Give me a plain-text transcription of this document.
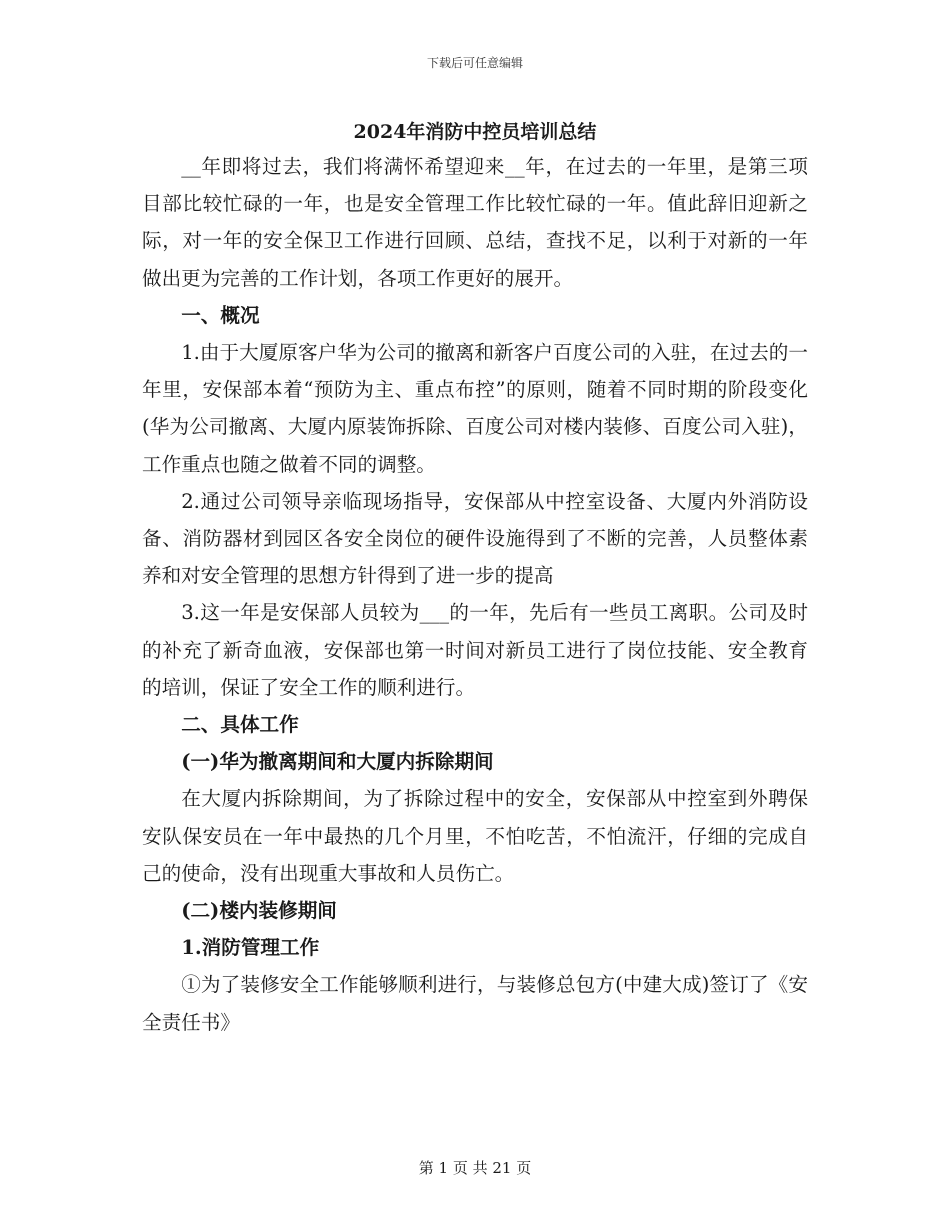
下载后可任意编辑
2024年消防中控员培训总结

__年即将过去，我们将满怀希望迎来__年，在过去的一年里，是第三项目部比较忙碌的一年，也是安全管理工作比较忙碌的一年。值此辞旧迎新之际，对一年的安全保卫工作进行回顾、总结，查找不足，以利于对新的一年做出更为完善的工作计划，各项工作更好的展开。

一、概况

1.由于大厦原客户华为公司的撤离和新客户百度公司的入驻，在过去的一年里，安保部本着“预防为主、重点布控”的原则，随着不同时期的阶段变化(华为公司撤离、大厦内原装饰拆除、百度公司对楼内装修、百度公司入驻)，工作重点也随之做着不同的调整。

2.通过公司领导亲临现场指导，安保部从中控室设备、大厦内外消防设备、消防器材到园区各安全岗位的硬件设施得到了不断的完善，人员整体素养和对安全管理的思想方针得到了进一步的提高

3.这一年是安保部人员较为___的一年，先后有一些员工离职。公司及时的补充了新奇血液，安保部也第一时间对新员工进行了岗位技能、安全教育的培训，保证了安全工作的顺利进行。

二、具体工作

(一)华为撤离期间和大厦内拆除期间

在大厦内拆除期间，为了拆除过程中的安全，安保部从中控室到外聘保安队保安员在一年中最热的几个月里，不怕吃苦，不怕流汗，仔细的完成自己的使命，没有出现重大事故和人员伤亡。

(二)楼内装修期间

1.消防管理工作

①为了装修安全工作能够顺利进行，与装修总包方(中建大成)签订了《安全责任书》

第 1 页 共 21 页
